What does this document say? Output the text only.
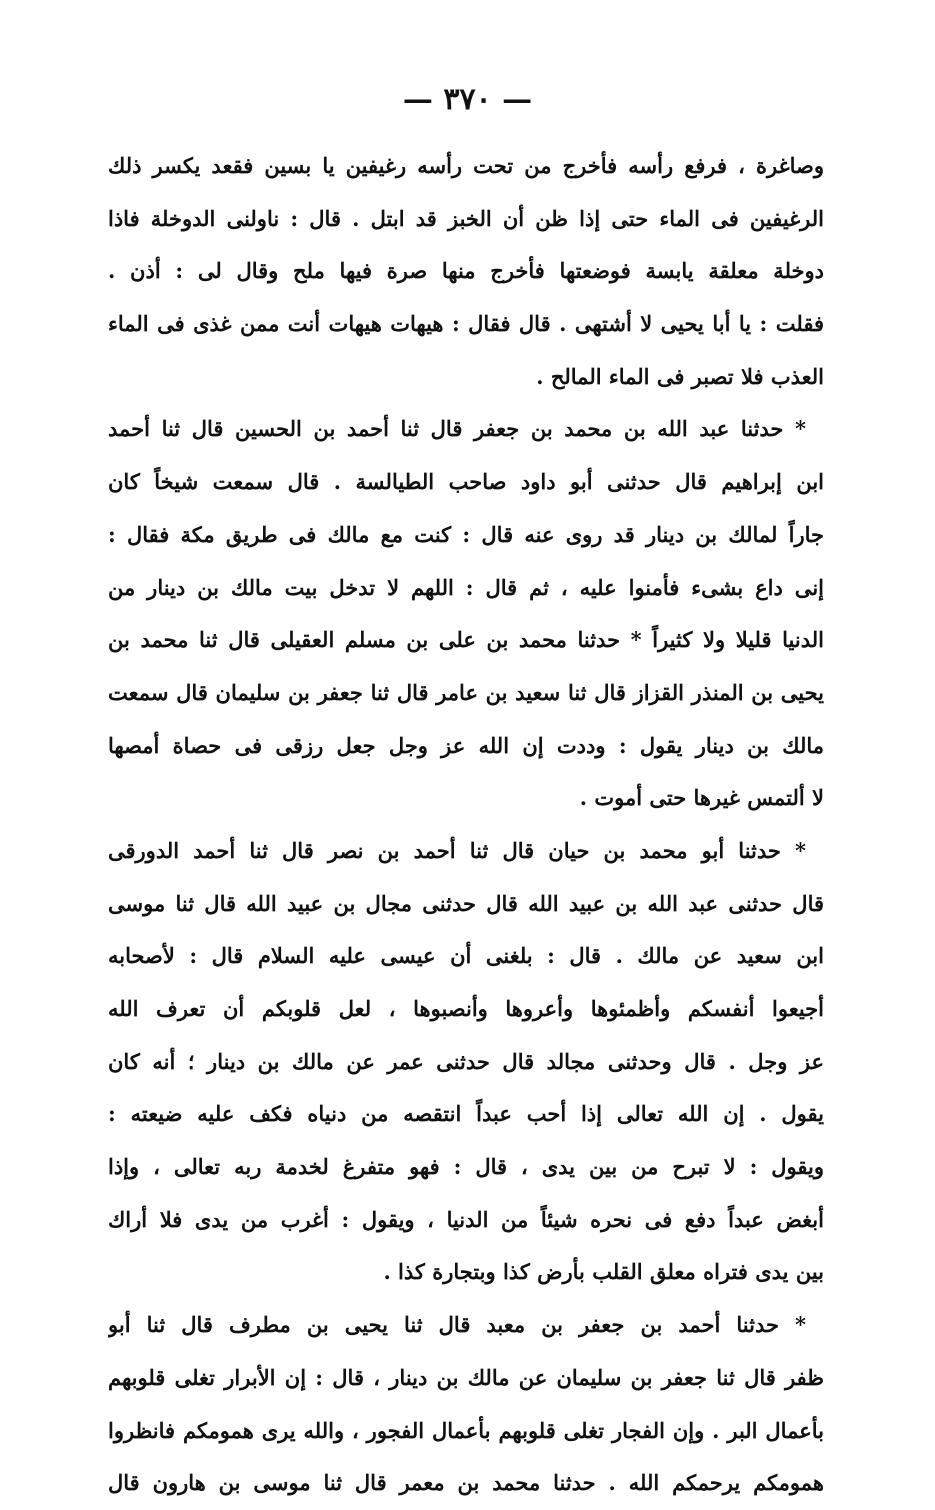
— ٣٧٠ —
وصاغرة ، فرفع رأسه فأخرج من تحت رأسه رغيفين يا بسين فقعد يكسر ذلك
الرغيفين فى الماء حتى إذا ظن أن الخبز قد ابتل . قال : ناولنى الدوخلة فاذا
دوخلة معلقة يابسة فوضعتها فأخرج منها صرة فيها ملح وقال لى : أذن .
فقلت : يا أبا يحيى لا أشتهى . قال فقال : هيهات هيهات أنت ممن غذى فى الماء
العذب فلا تصبر فى الماء المالح .
* حدثنا عبد الله بن محمد بن جعفر قال ثنا أحمد بن الحسين قال ثنا أحمد
ابن إبراهيم قال حدثنى أبو داود صاحب الطيالسة . قال سمعت شيخاً كان
جاراً لمالك بن دينار قد روى عنه قال : كنت مع مالك فى طريق مكة فقال :
إنى داع بشىء فأمنوا عليه ، ثم قال : اللهم لا تدخل بيت مالك بن دينار من
الدنيا قليلا ولا كثيراً * حدثنا محمد بن على بن مسلم العقيلى قال ثنا محمد بن
يحيى بن المنذر القزاز قال ثنا سعيد بن عامر قال ثنا جعفر بن سليمان قال سمعت
مالك بن دينار يقول : وددت إن الله عز وجل جعل رزقى فى حصاة أمصها
لا ألتمس غيرها حتى أموت .
* حدثنا أبو محمد بن حيان قال ثنا أحمد بن نصر قال ثنا أحمد الدورقى
قال حدثنى عبد الله بن عبيد الله قال حدثنى مجال بن عبيد الله قال ثنا موسى
ابن سعيد عن مالك . قال : بلغنى أن عيسى عليه السلام قال : لأصحابه
أجيعوا أنفسكم وأظمئوها وأعروها وأنصبوها ، لعل قلوبكم أن تعرف الله
عز وجل . قال وحدثنى مجالد قال حدثنى عمر عن مالك بن دينار ؛ أنه كان
يقول . إن الله تعالى إذا أحب عبداً انتقصه من دنياه فكف عليه ضيعته :
ويقول : لا تبرح من بين يدى ، قال : فهو متفرغ لخدمة ربه تعالى ، وإذا
أبغض عبداً دفع فى نحره شيئاً من الدنيا ، ويقول : أغرب من يدى فلا أراك
بين يدى فتراه معلق القلب بأرض كذا وبتجارة كذا .
* حدثنا أحمد بن جعفر بن معبد قال ثنا يحيى بن مطرف قال ثنا أبو
ظفر قال ثنا جعفر بن سليمان عن مالك بن دينار ، قال : إن الأبرار تغلى قلوبهم
بأعمال البر . وإن الفجار تغلى قلوبهم بأعمال الفجور ، والله يرى همومكم فانظروا
همومكم يرحمكم الله . حدثنا محمد بن معمر قال ثنا موسى بن هارون قال
